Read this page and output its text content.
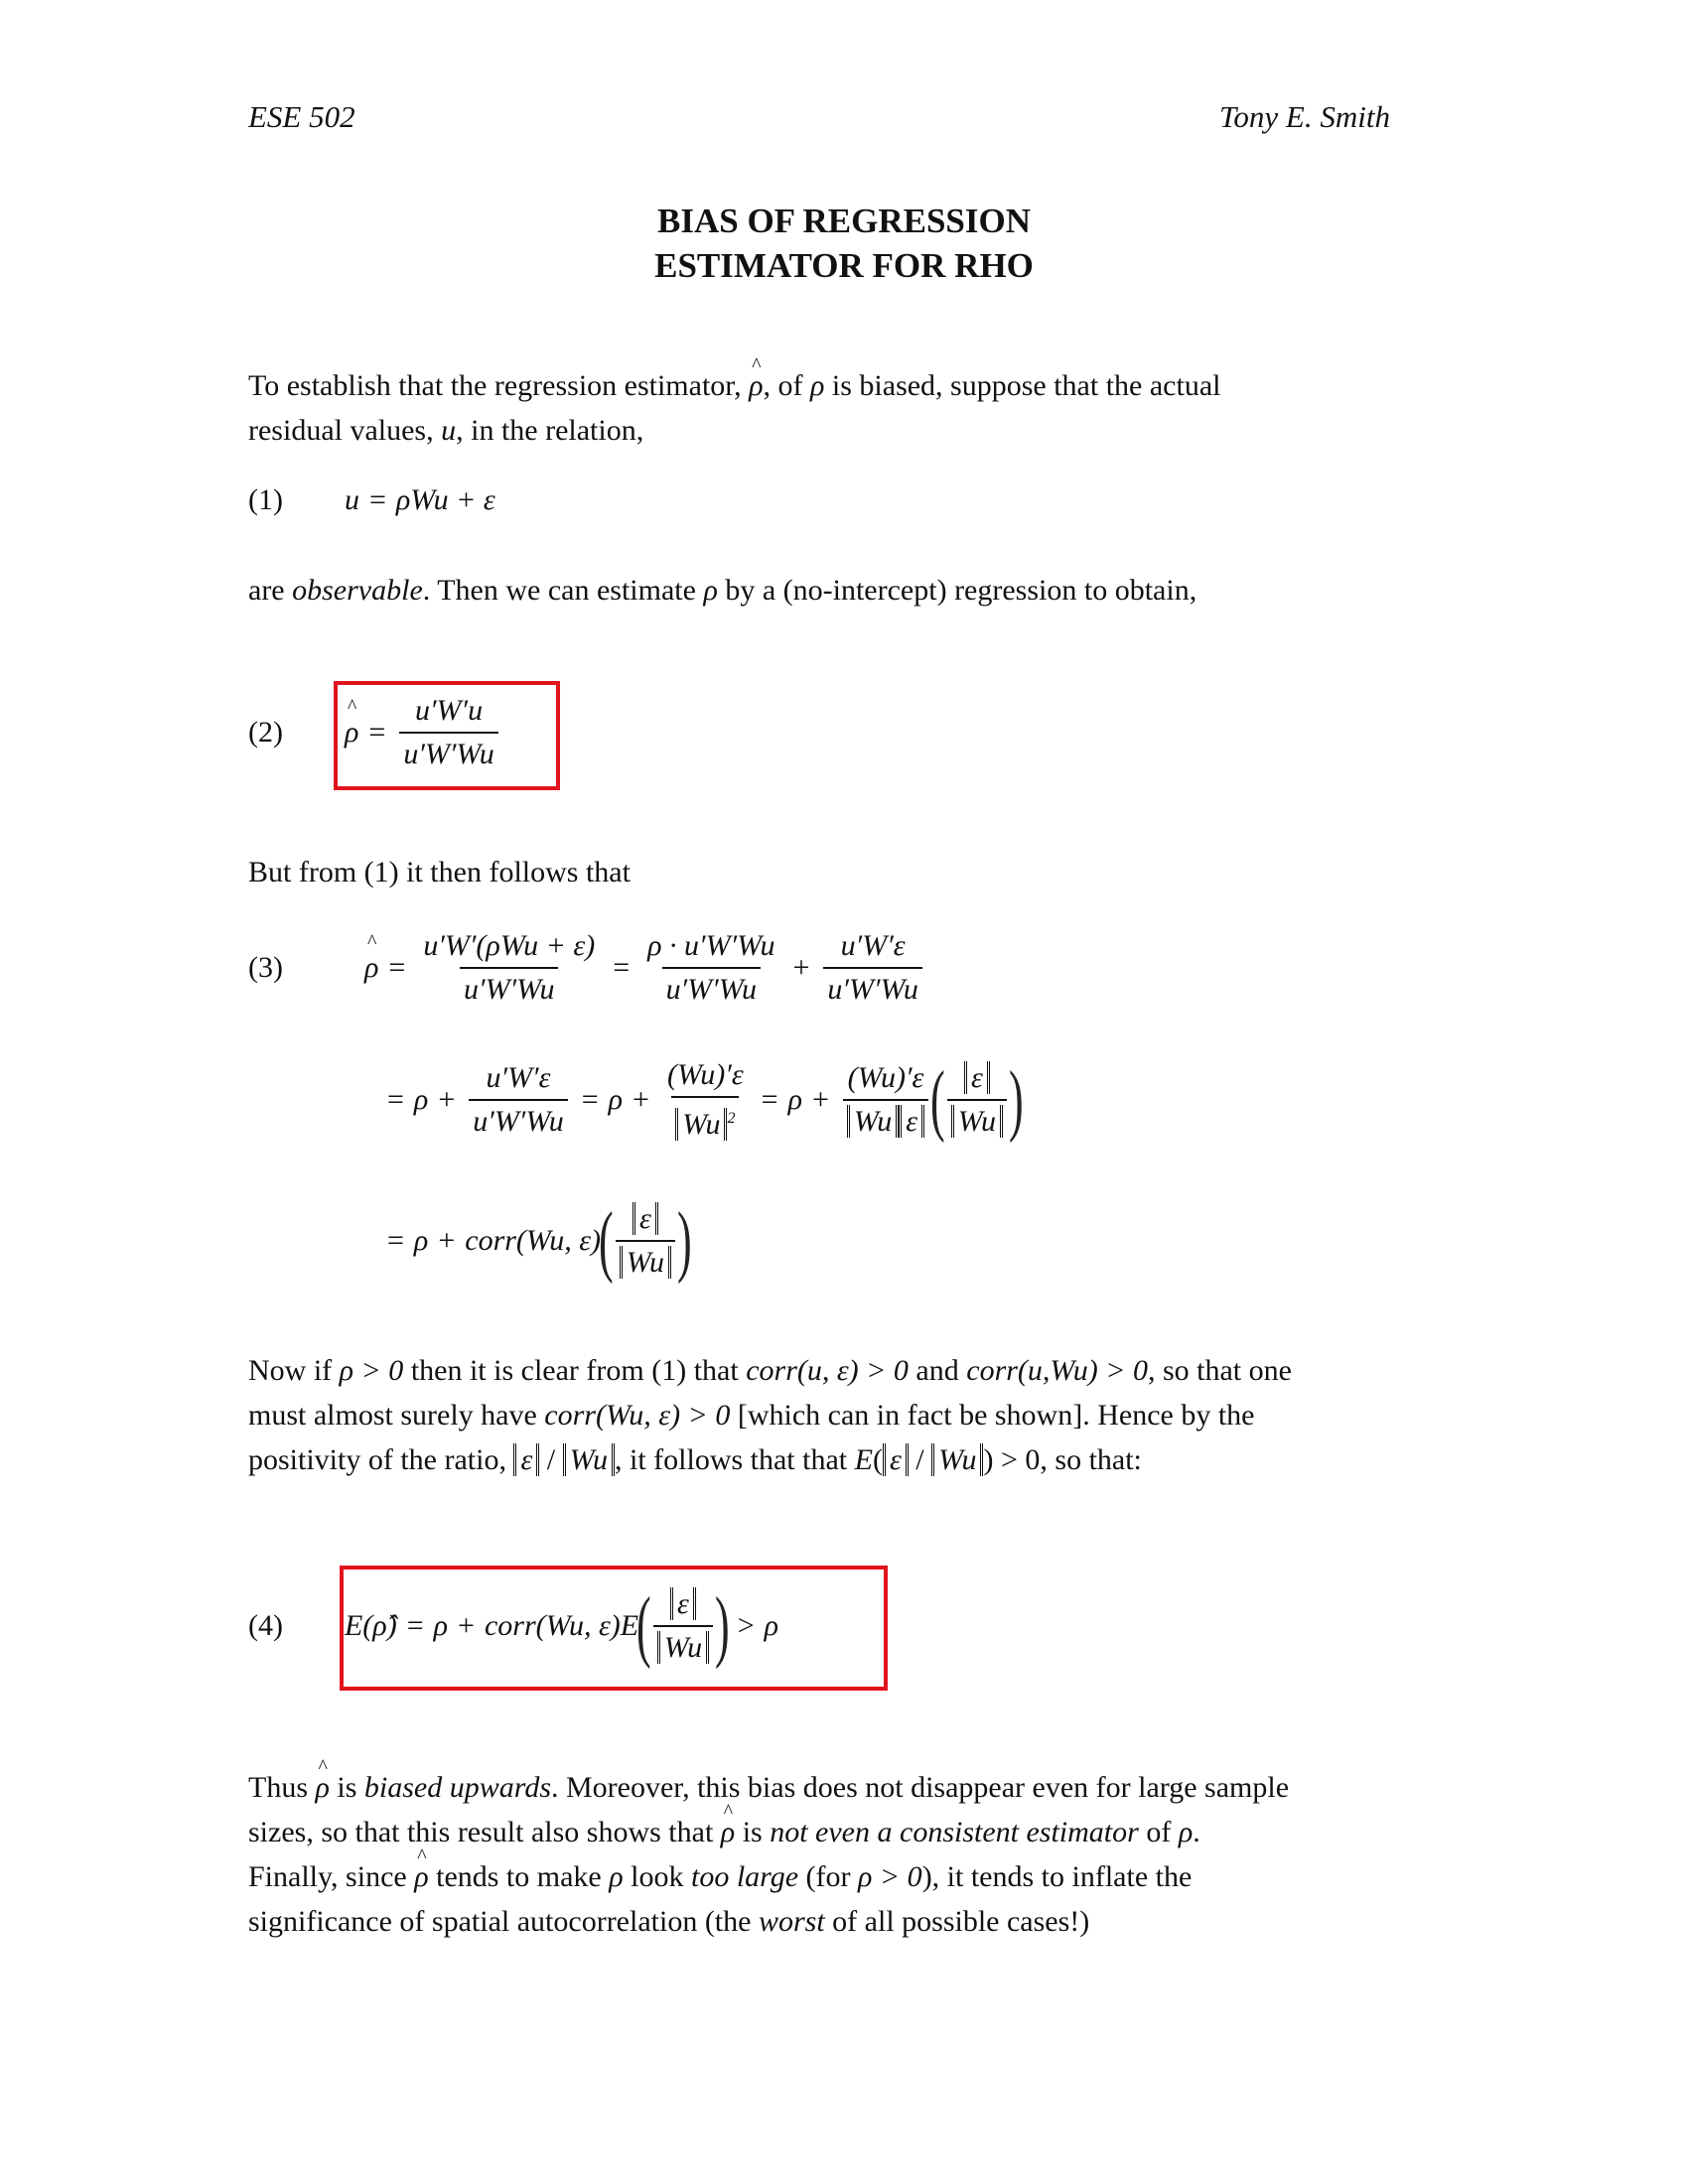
ESE 502	Tony E. Smith
BIAS OF REGRESSION
ESTIMATOR FOR RHO
To establish that the regression estimator, ^ ρ, of ρ is biased, suppose that the actual
residual values, u, in the relation,
(1) u = ρWu + ε
are observable. Then we can estimate ρ by a (no-intercept) regression to obtain,
(2) ^ $\rho = \frac{u'W'u}{u'W'Wu}$
But from (1) it then follows that
(3)	^ $\rho = \frac{\text{u′W′(ρWu + ε)}}{u'W'Wu} = \frac{\rho \cdot u'W'Wu}{u'W'Wu} + \frac{u'W'\varepsilon}{u'W'Wu}$
= $\rho + \frac{u'W'\varepsilon}{u'W'Wu} = \rho + \frac{(Wu)'\varepsilon}{Wu ^2} = \rho + \frac{(Wu)'\varepsilon}{\text{Wu ε}}$ ( $\frac{\varepsilon}{Wu}$ )
= ρ + corr(Wu, ε)
( $\frac{\varepsilon}{Wu}$ )
Now if ρ > 0 then it is clear from (1) that corr(u, ε) > 0 and corr(u,Wu) > 0, so that one
must almost surely have corr(Wu, ε) > 0 [which can in fact be shown]. Hence by the
positivity of the ratio, ε / Wu , it follows that that E( ε / Wu ) > 0, so that:
(4) E(ρ̂) = ρ + corr(Wu, ε)E
( $\frac{\varepsilon}{Wu}$ ) > ρ
Thus ^ ρ is biased upwards. Moreover, this bias does not disappear even for large sample
sizes, so that this result also shows that ^ ρ is not even a consistent estimator of ρ.
Finally, since ^ ρ tends to make ρ look too large (for ρ > 0), it tends to inflate the
significance of spatial autocorrelation (the worst of all possible cases!)
